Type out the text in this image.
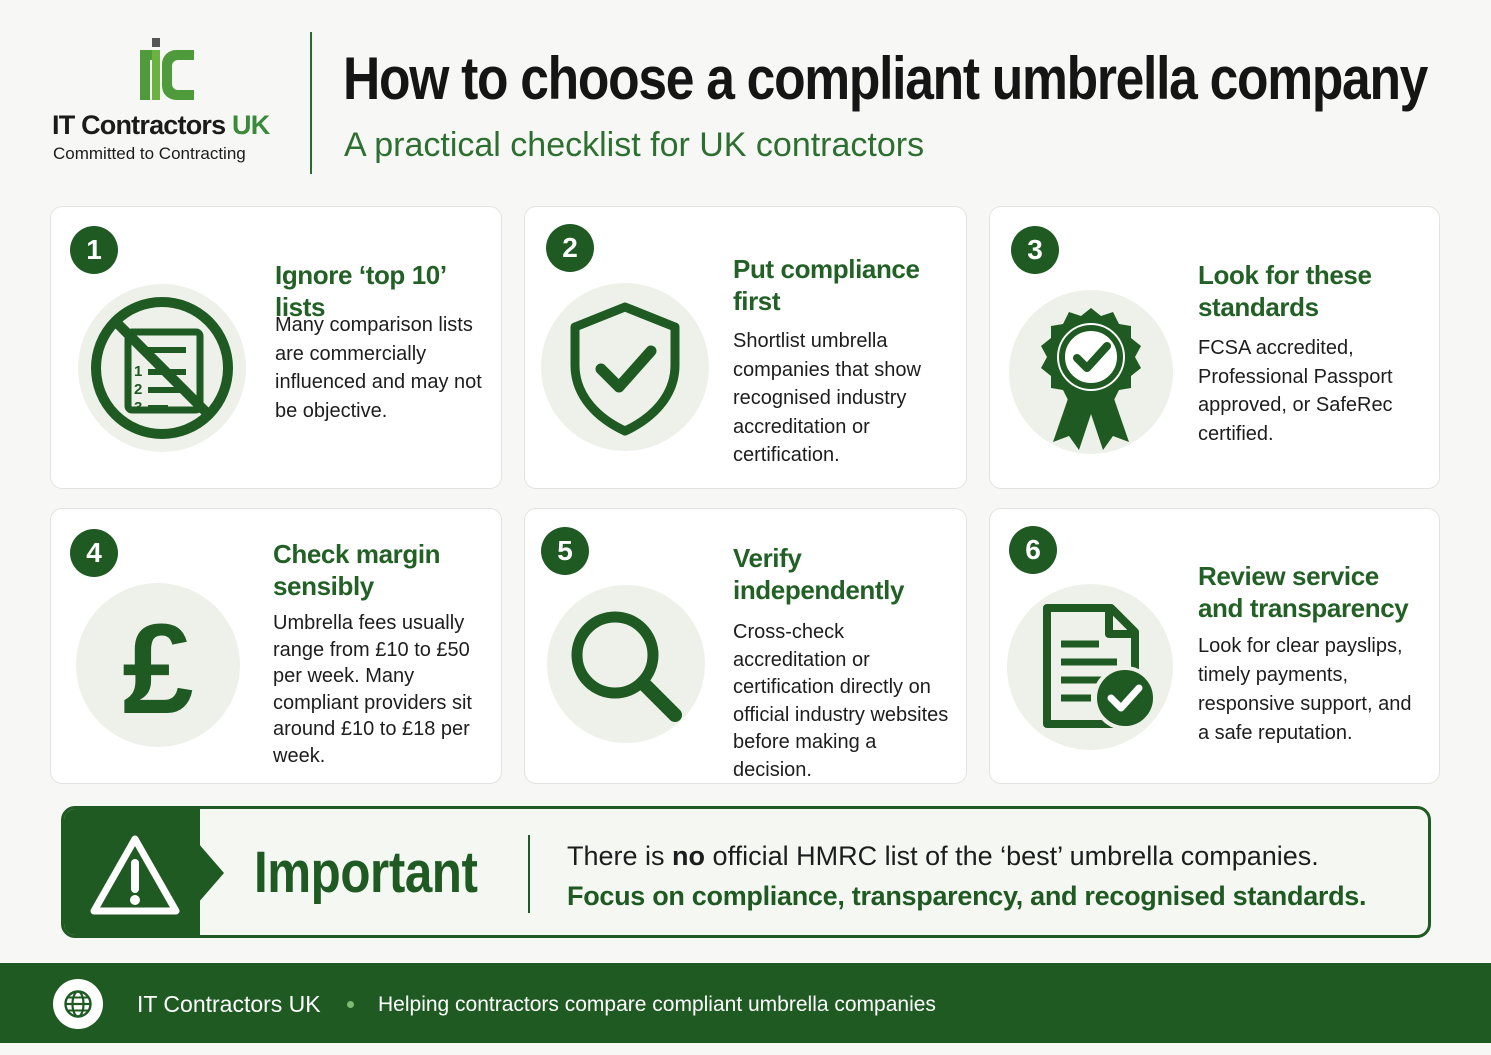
IT Contractors UK
Committed to Contracting
How to choose a compliant umbrella company
A practical checklist for UK contractors
1
1
2
3
Ignore ‘top 10’ lists
Many comparison lists are commercially influenced and may not be objective.
2
Put compliance first
Shortlist umbrella companies that show recognised industry accreditation or certification.
3
Look for these standards
FCSA accredited, Professional Passport approved, or SafeRec certified.
4
£
Check margin sensibly
Umbrella fees usually range from £10 to £50 per week. Many compliant providers sit around £10 to £18 per week.
5	Verify independently
Cross-check accreditation or certification directly on official industry websites before making a decision.
6
Review service and transparency
Look for clear payslips, timely payments, responsive support, and a safe reputation.
Important	There is no official HMRC list of the ‘best’ umbrella companies.
Focus on compliance, transparency, and recognised standards.
IT Contractors UK	Helping contractors compare compliant umbrella companies
